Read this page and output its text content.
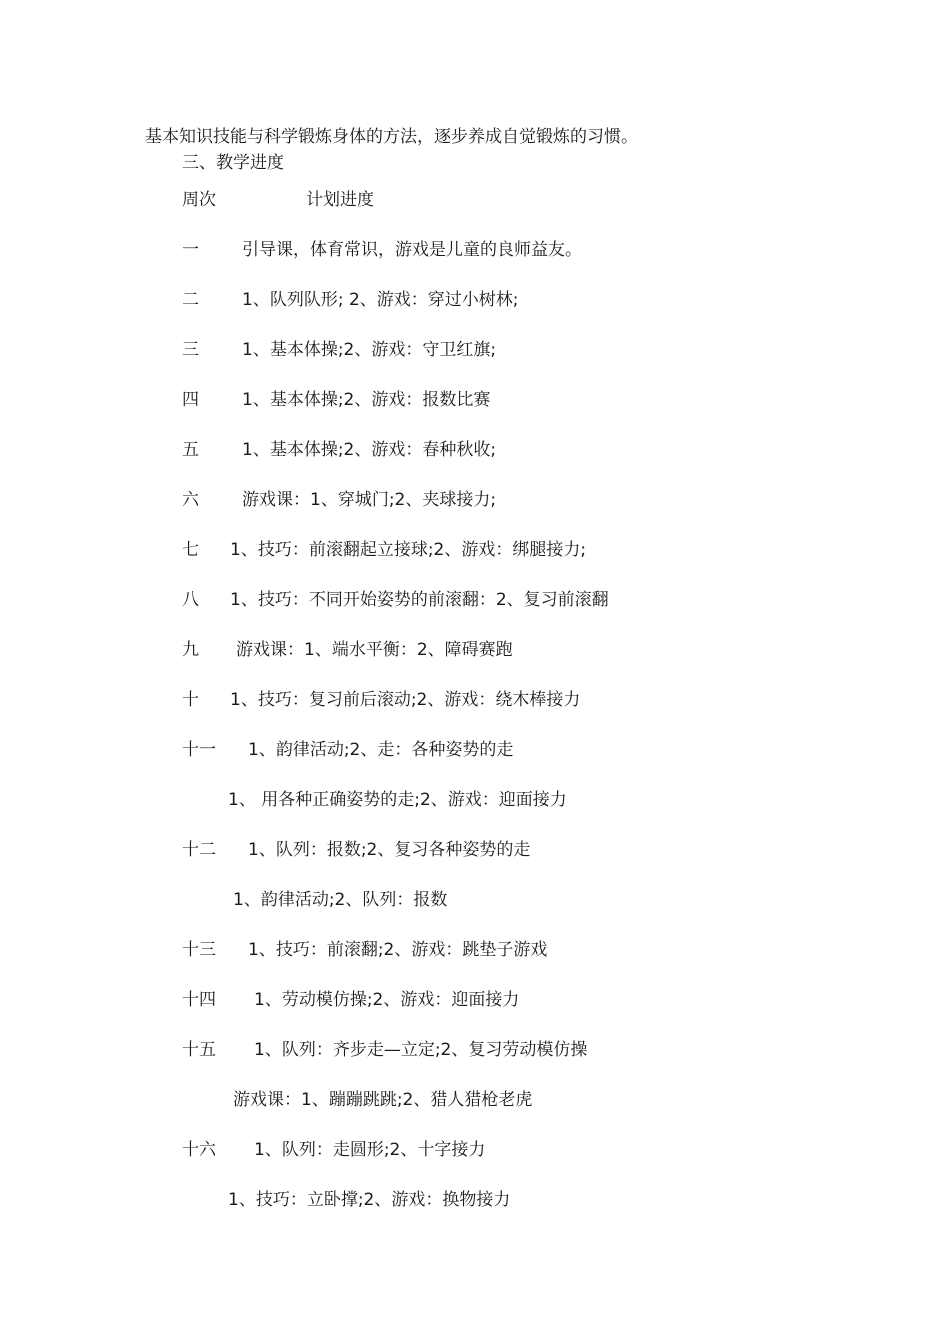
基本知识技能与科学锻炼身体的方法，逐步养成自觉锻炼的习惯。
三、教学进度
周次	计划进度
一	引导课，体育常识，游戏是儿童的良师益友。
二	1、队列队形; 2、游戏：穿过小树林;
三	1、基本体操;2、游戏：守卫红旗;
四	1、基本体操;2、游戏：报数比赛
五	1、基本体操;2、游戏：春种秋收;
六	游戏课：1、穿城门;2、夹球接力;
七 1、技巧：前滚翻起立接球;2、游戏：绑腿接力;
八 1、技巧：不同开始姿势的前滚翻：2、复习前滚翻
九 游戏课：1、端水平衡：2、障碍赛跑
十 1、技巧：复习前后滚动;2、游戏：绕木棒接力
十一 1、韵律活动;2、走：各种姿势的走
1、 用各种正确姿势的走;2、游戏：迎面接力
十二 1、队列：报数;2、复习各种姿势的走
1、韵律活动;2、队列：报数
十三 1、技巧：前滚翻;2、游戏：跳垫子游戏
十四 1、劳动模仿操;2、游戏：迎面接力
十五 1、队列：齐步走—立定;2、复习劳动模仿操
游戏课：1、蹦蹦跳跳;2、猎人猎枪老虎
十六 1、队列：走圆形;2、十字接力
1、技巧：立卧撑;2、游戏：换物接力
